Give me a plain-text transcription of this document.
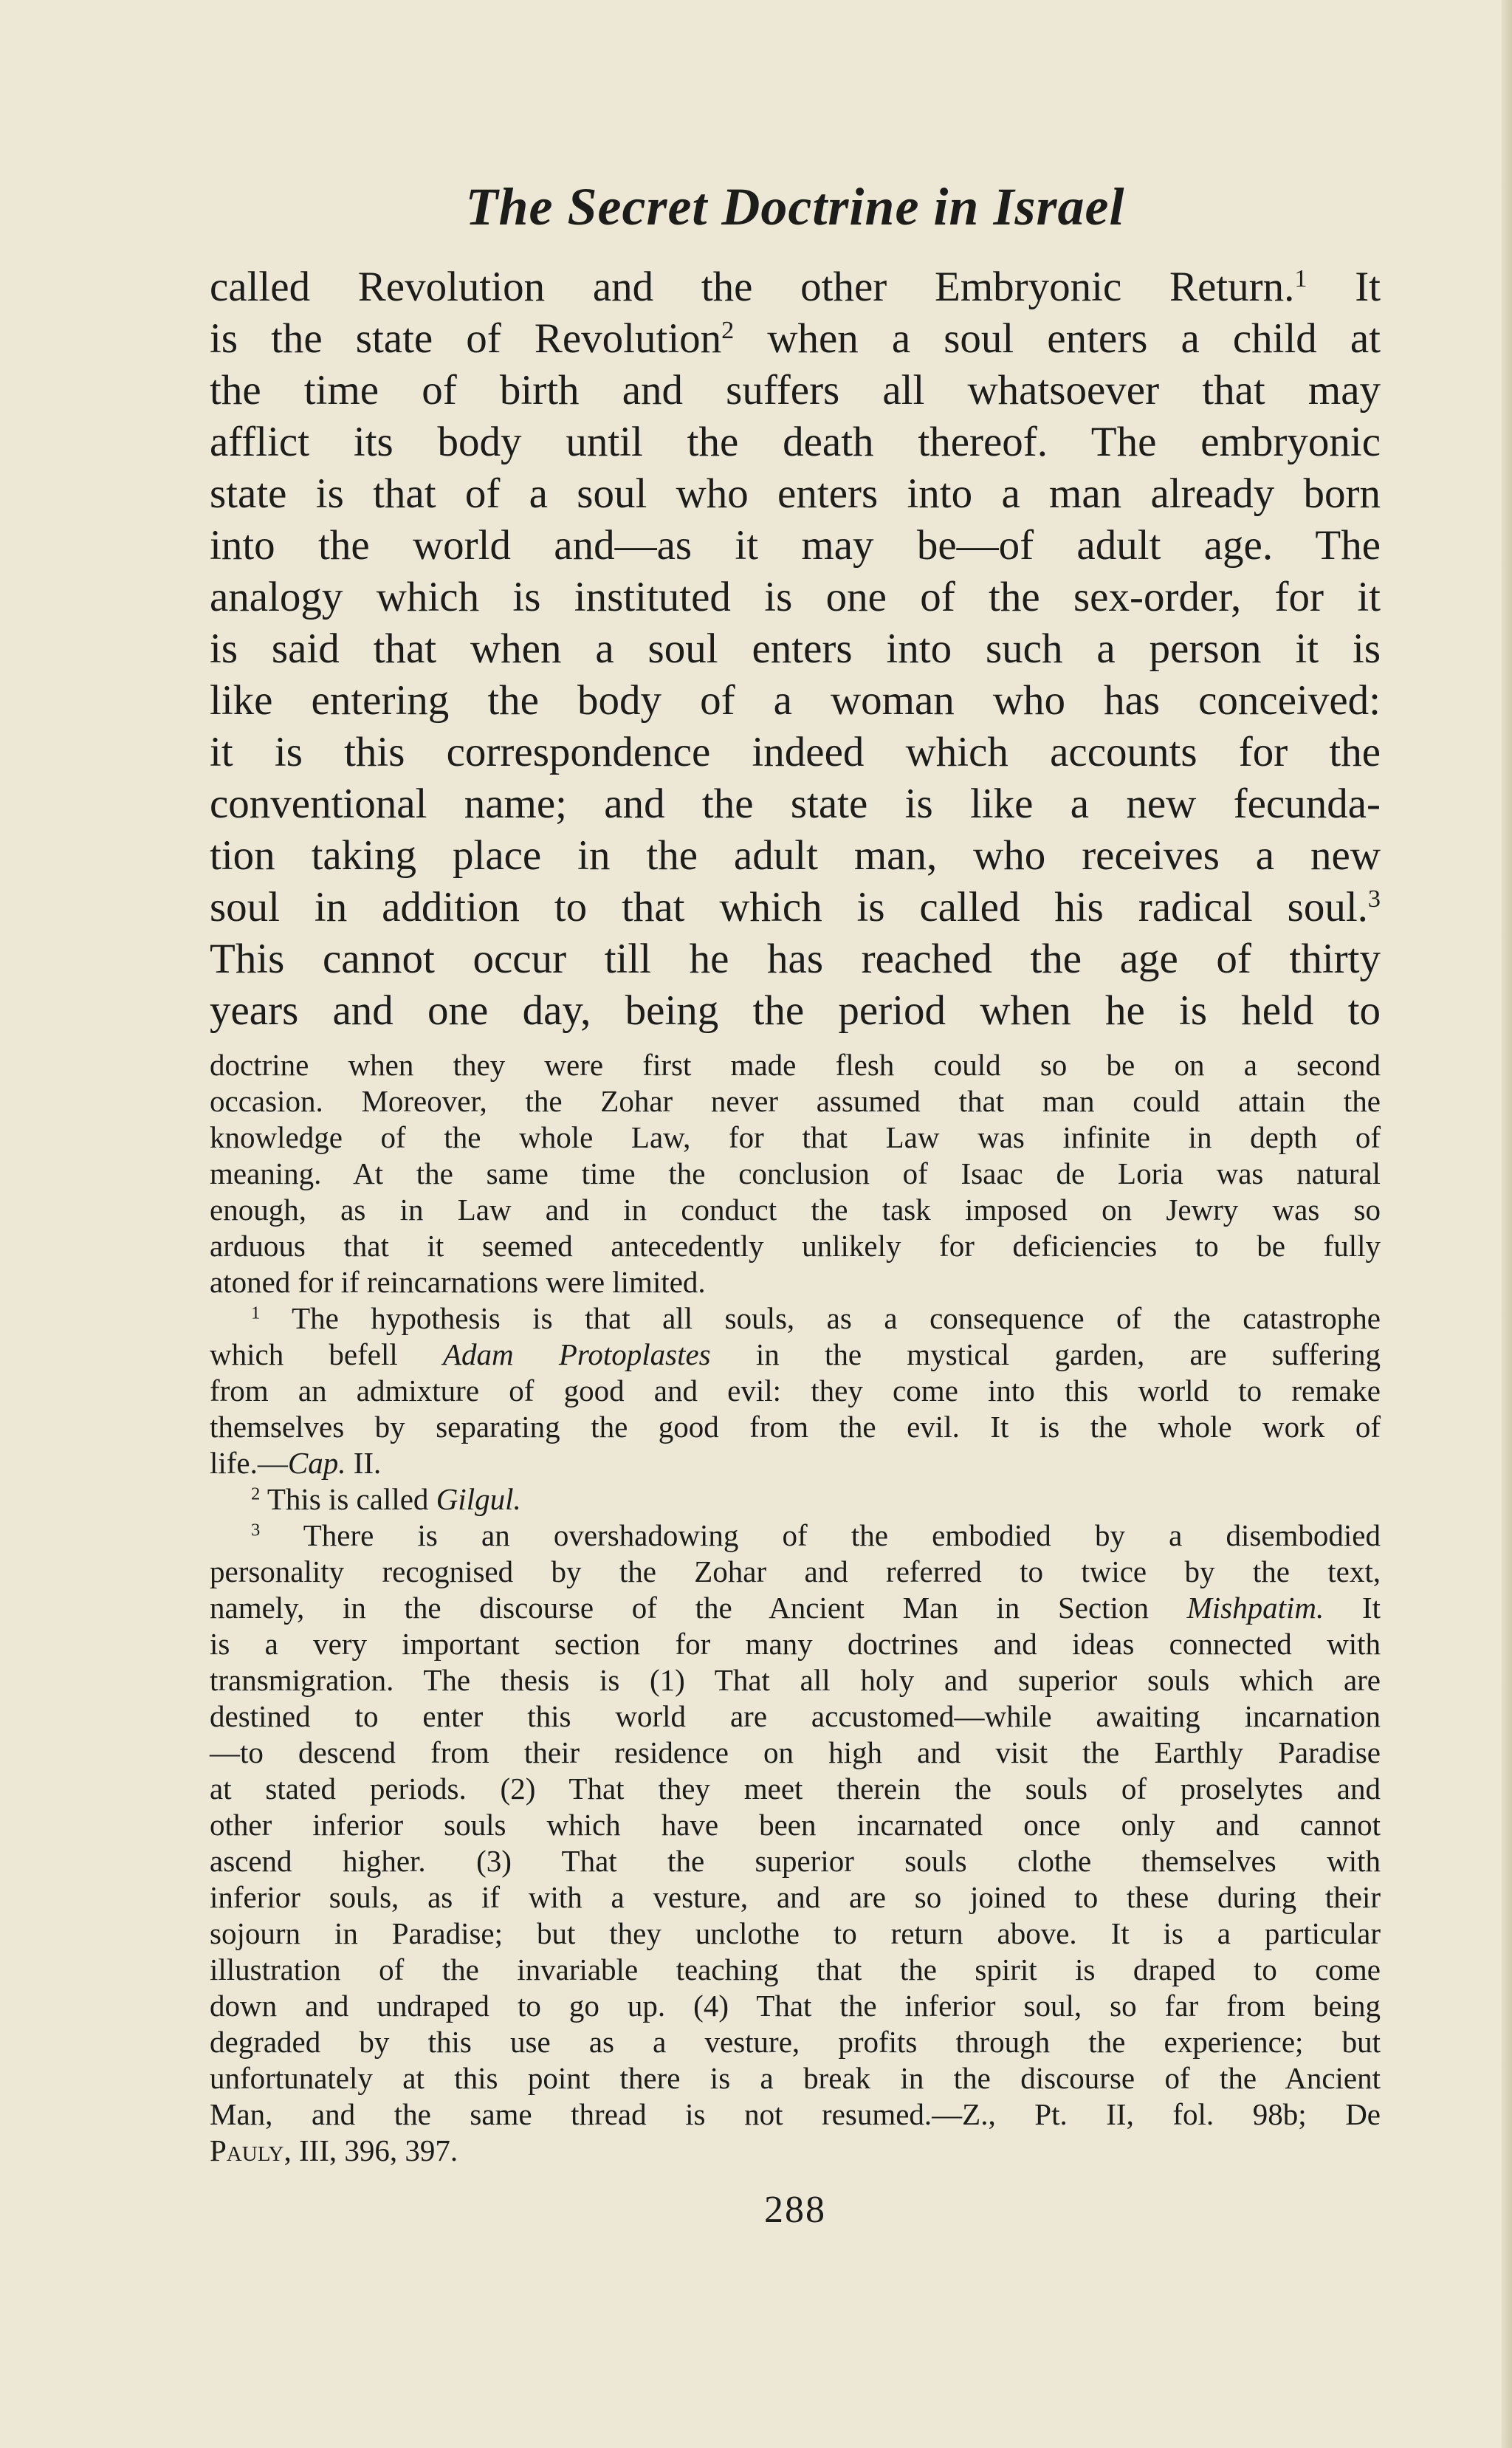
The Secret Doctrine in Israel
called Revolution and the other Embryonic Return.$^1$ It
is the state of Revolution$^2$ when a soul enters a child at
the time of birth and suffers all whatsoever that may
afflict its body until the death thereof. The embryonic
state is that of a soul who enters into a man already born
into the world and—as it may be—of adult age. The
analogy which is instituted is one of the sex-order, for it
is said that when a soul enters into such a person it is
like entering the body of a woman who has conceived:
it is this correspondence indeed which accounts for the
conventional name; and the state is like a new fecunda-
tion taking place in the adult man, who receives a new
soul in addition to that which is called his radical soul.$^3$
This cannot occur till he has reached the age of thirty
years and one day, being the period when he is held to
doctrine when they were first made flesh could so be on a second
occasion. Moreover, the Zohar never assumed that man could attain the
knowledge of the whole Law, for that Law was infinite in depth of
meaning. At the same time the conclusion of Isaac de Loria was natural
enough, as in Law and in conduct the task imposed on Jewry was so
arduous that it seemed antecedently unlikely for deficiencies to be fully
atoned for if reincarnations were limited.
$^1$ The hypothesis is that all souls, as a consequence of the catastrophe
which befell Adam Protoplastes in the mystical garden, are suffering
from an admixture of good and evil: they come into this world to remake
themselves by separating the good from the evil. It is the whole work of
life.—Cap. II.
$^2$ This is called Gilgul.
$^3$ There is an overshadowing of the embodied by a disembodied
personality recognised by the Zohar and referred to twice by the text,
namely, in the discourse of the Ancient Man in Section Mishpatim. It
is a very important section for many doctrines and ideas connected with
transmigration. The thesis is (1) That all holy and superior souls which are
destined to enter this world are accustomed—while awaiting incarnation
—to descend from their residence on high and visit the Earthly Paradise
at stated periods. (2) That they meet therein the souls of proselytes and
other inferior souls which have been incarnated once only and cannot
ascend higher. (3) That the superior souls clothe themselves with
inferior souls, as if with a vesture, and are so joined to these during their
sojourn in Paradise; but they unclothe to return above. It is a particular
illustration of the invariable teaching that the spirit is draped to come
down and undraped to go up. (4) That the inferior soul, so far from being
degraded by this use as a vesture, profits through the experience; but
unfortunately at this point there is a break in the discourse of the Ancient
Man, and the same thread is not resumed.—Z., Pt. II, fol. 98b; De
Pauly, III, 396, 397.
288
